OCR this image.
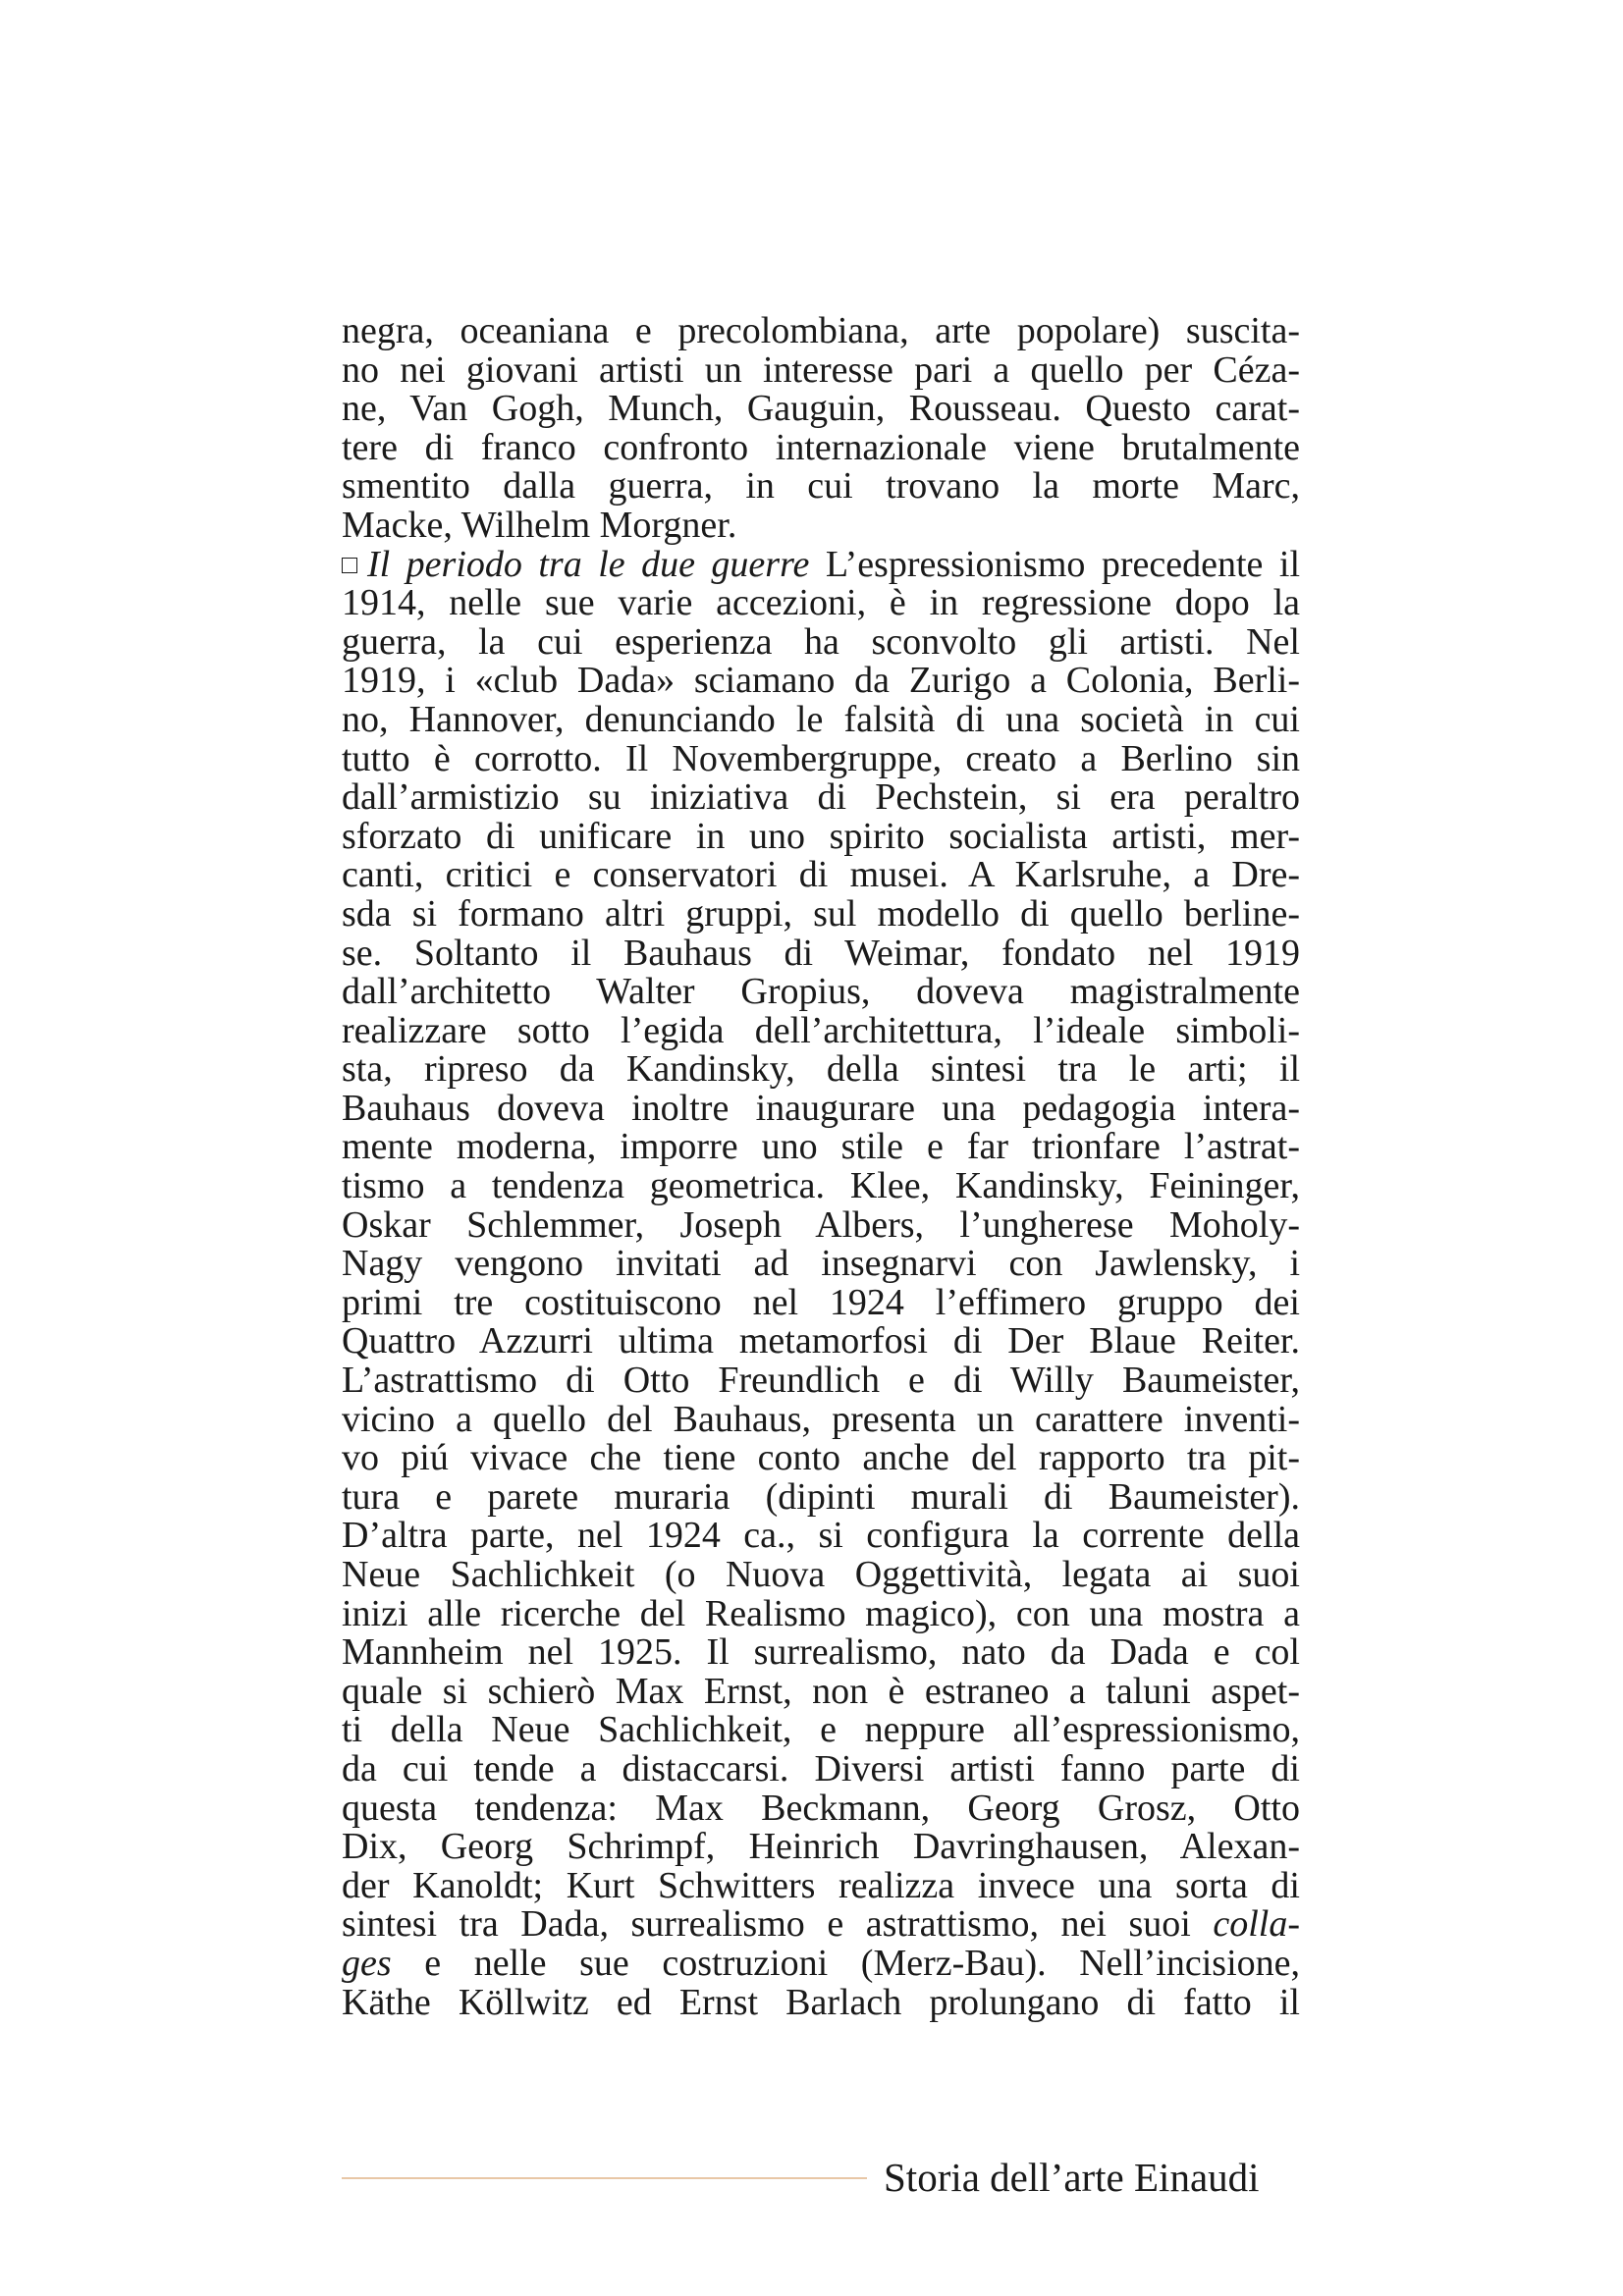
negra, oceaniana e precolombiana, arte popolare) suscita-
no nei giovani artisti un interesse pari a quello per Céza-
ne, Van Gogh, Munch, Gauguin, Rousseau. Questo carat-
tere di franco confronto internazionale viene brutalmente
smentito dalla guerra, in cui trovano la morte Marc,
Macke, Wilhelm Morgner.
Il periodo tra le due guerre L’espressionismo precedente il
1914, nelle sue varie accezioni, è in regressione dopo la
guerra, la cui esperienza ha sconvolto gli artisti. Nel
1919, i «club Dada» sciamano da Zurigo a Colonia, Berli-
no, Hannover, denunciando le falsità di una società in cui
tutto è corrotto. Il Novembergruppe, creato a Berlino sin
dall’armistizio su iniziativa di Pechstein, si era peraltro
sforzato di unificare in uno spirito socialista artisti, mer-
canti, critici e conservatori di musei. A Karlsruhe, a Dre-
sda si formano altri gruppi, sul modello di quello berline-
se. Soltanto il Bauhaus di Weimar, fondato nel 1919
dall’architetto Walter Gropius, doveva magistralmente
realizzare sotto l’egida dell’architettura, l’ideale simboli-
sta, ripreso da Kandinsky, della sintesi tra le arti; il
Bauhaus doveva inoltre inaugurare una pedagogia intera-
mente moderna, imporre uno stile e far trionfare l’astrat-
tismo a tendenza geometrica. Klee, Kandinsky, Feininger,
Oskar Schlemmer, Joseph Albers, l’ungherese Moholy-
Nagy vengono invitati ad insegnarvi con Jawlensky, i
primi tre costituiscono nel 1924 l’effimero gruppo dei
Quattro Azzurri ultima metamorfosi di Der Blaue Reiter.
L’astrattismo di Otto Freundlich e di Willy Baumeister,
vicino a quello del Bauhaus, presenta un carattere inventi-
vo piú vivace che tiene conto anche del rapporto tra pit-
tura e parete muraria (dipinti murali di Baumeister).
D’altra parte, nel 1924 ca., si configura la corrente della
Neue Sachlichkeit (o Nuova Oggettività, legata ai suoi
inizi alle ricerche del Realismo magico), con una mostra a
Mannheim nel 1925. Il surrealismo, nato da Dada e col
quale si schierò Max Ernst, non è estraneo a taluni aspet-
ti della Neue Sachlichkeit, e neppure all’espressionismo,
da cui tende a distaccarsi. Diversi artisti fanno parte di
questa tendenza: Max Beckmann, Georg Grosz, Otto
Dix, Georg Schrimpf, Heinrich Davringhausen, Alexan-
der Kanoldt; Kurt Schwitters realizza invece una sorta di
sintesi tra Dada, surrealismo e astrattismo, nei suoi colla-
ges e nelle sue costruzioni (Merz-Bau). Nell’incisione,
Käthe Köllwitz ed Ernst Barlach prolungano di fatto il
Storia dell’arte Einaudi
